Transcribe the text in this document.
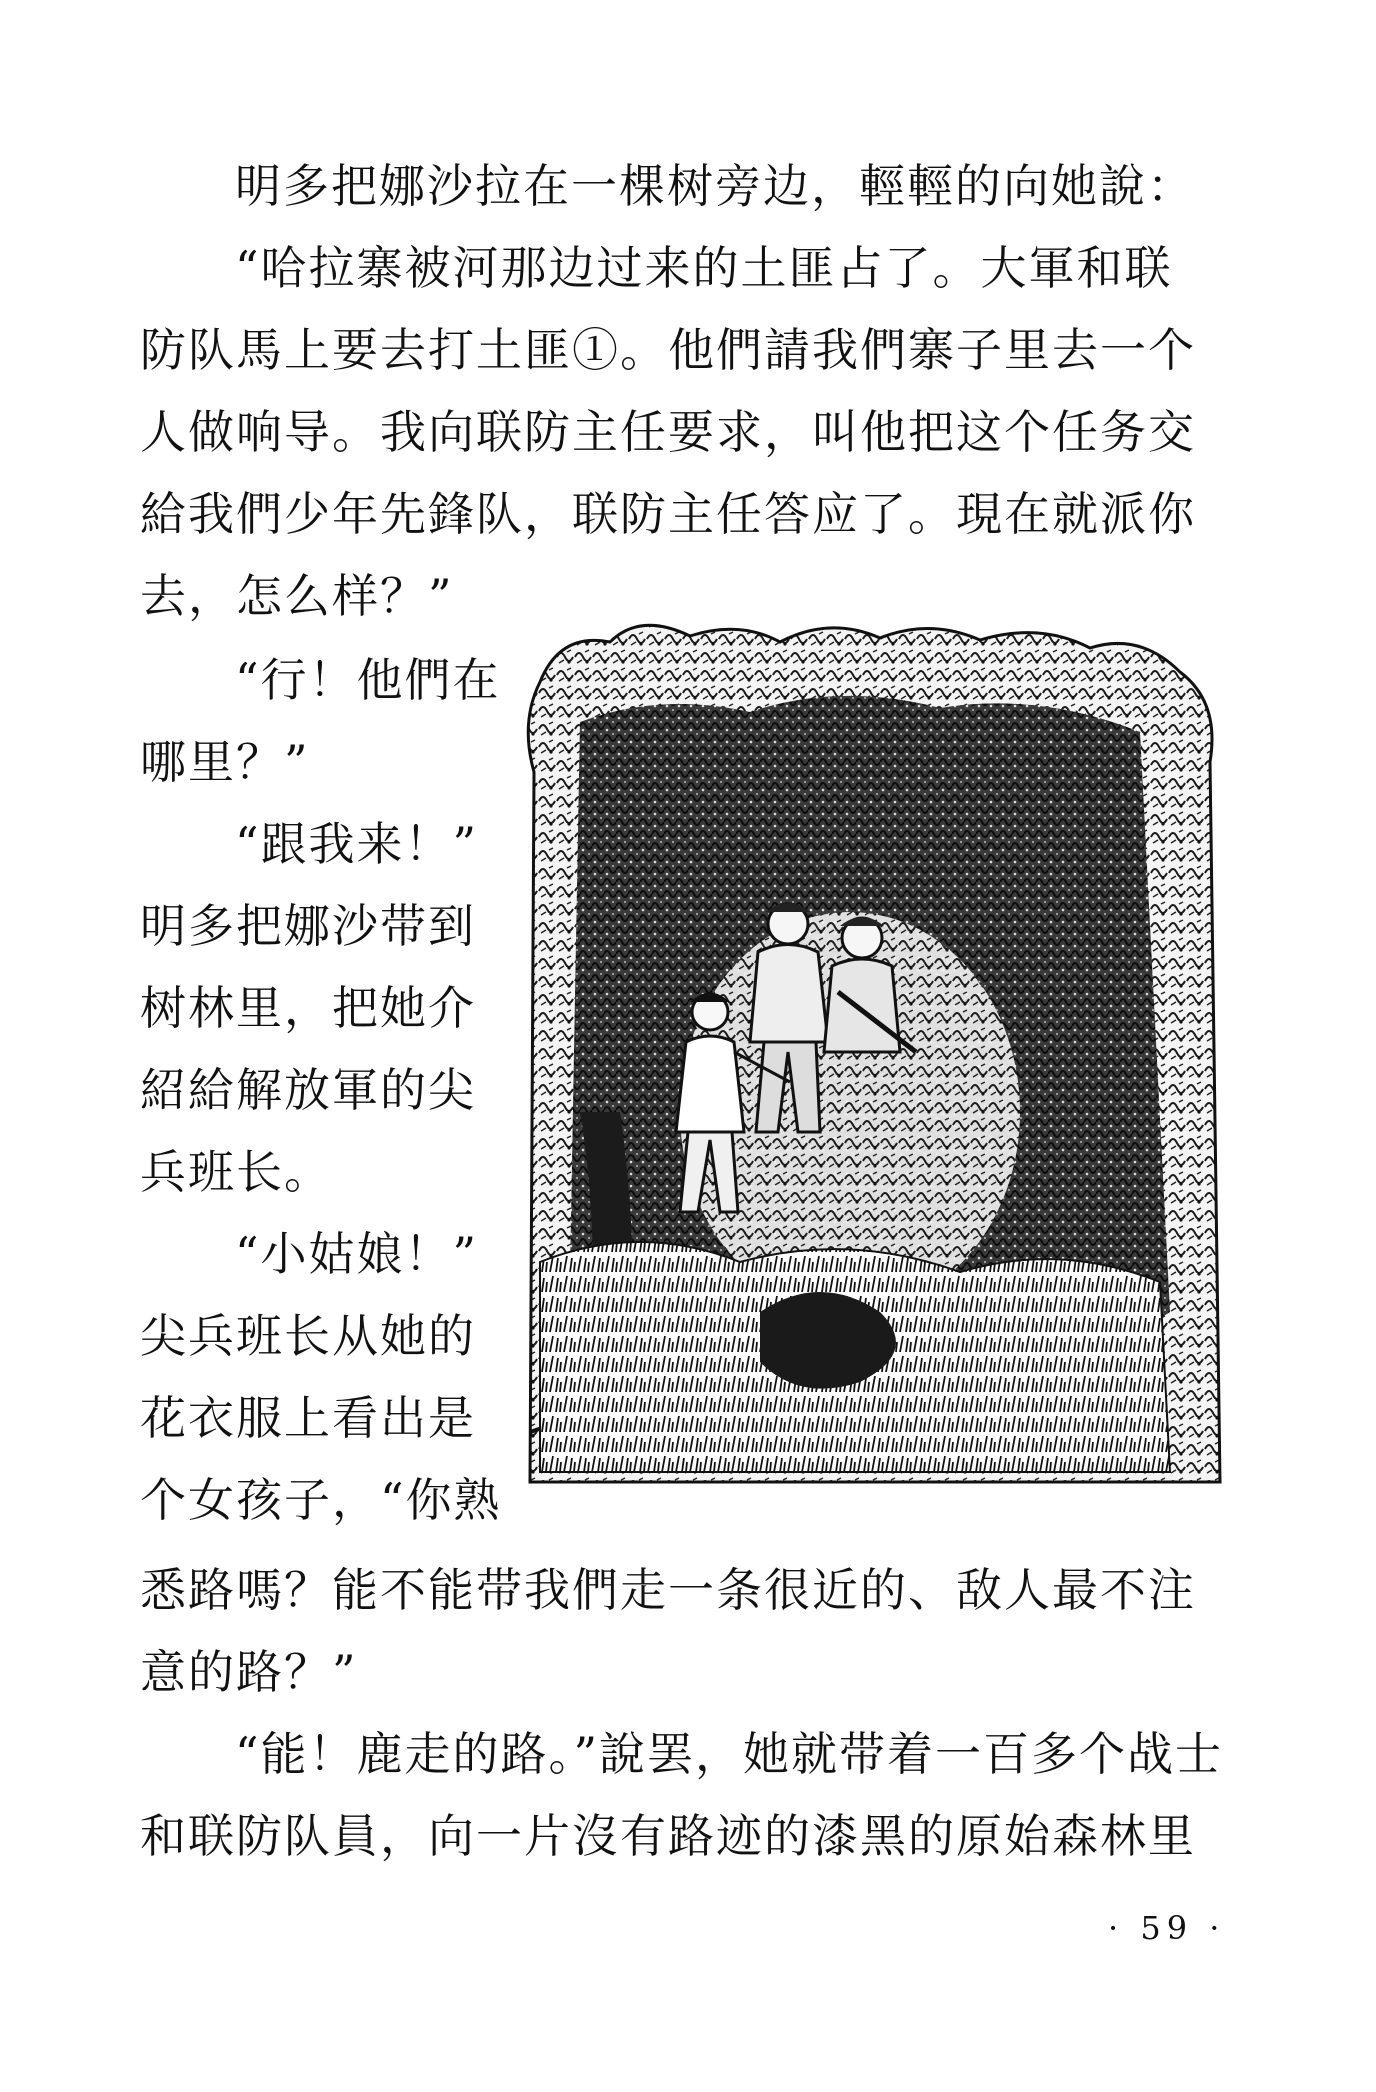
明多把娜沙拉在一棵树旁边，輕輕的向她說：
“哈拉寨被河那边过来的土匪占了。大軍和联
防队馬上要去打土匪①。他們請我們寨子里去一个
人做响导。我向联防主任要求，叫他把这个任务交
給我們少年先鋒队，联防主任答应了。現在就派你
去，怎么样？”
“行！他們在
哪里？”
“跟我来！”
明多把娜沙带到
树林里，把她介
紹給解放軍的尖
兵班长。
“小姑娘！”
尖兵班长从她的
花衣服上看出是
个女孩子，“你熟
悉路嗎？能不能带我們走一条很近的、敌人最不注
意的路？”
“能！鹿走的路。”說罢，她就带着一百多个战士
和联防队員，向一片沒有路迹的漆黑的原始森林里
· 59 ·
